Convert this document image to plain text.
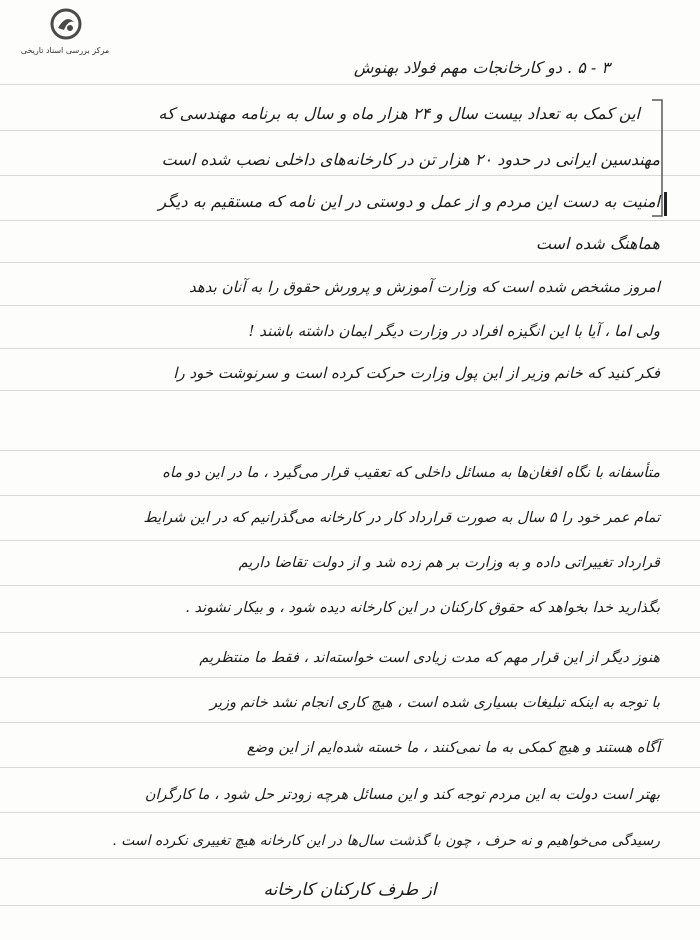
مرکز بررسی اسناد تاریخی
۳ - ۵ . دو کارخانجات مهم فولاد بهنوش
این کمک به تعداد بیست سال و ۲۴ هزار ماه و سال به برنامه مهندسی که
مهندسین ایرانی در حدود ۲۰ هزار تن در کارخانه‌های داخلی نصب شده است
امنیت به دست این مردم و از عمل و دوستی در این نامه که مستقیم به دیگر
هماهنگ شده است
امروز مشخص شده است که وزارت آموزش و پرورش حقوق را به آنان بدهد
ولی اما ، آیا با این انگیزه افراد در وزارت دیگر ایمان داشته باشند !
فکر کنید که خانم وزیر از این پول وزارت حرکت کرده است و سرنوشت خود را
متأسفانه با نگاه افغان‌ها به مسائل داخلی که تعقیب قرار می‌گیرد ، ما در این دو ماه
تمام عمر خود را ۵ سال به صورت قرارداد کار در کارخانه می‌گذرانیم که در این شرایط
قرارداد تغییراتی داده و به وزارت بر هم زده شد و از دولت تقاضا داریم
بگذارید خدا بخواهد که حقوق کارکنان در این کارخانه دیده شود ، و بیکار نشوند .
هنوز دیگر از این قرار مهم که مدت زیادی است خواسته‌اند ، فقط ما منتظریم
با توجه به اینکه تبلیغات بسیاری شده است ، هیچ کاری انجام نشد خانم وزیر
آگاه هستند و هیچ کمکی به ما نمی‌کنند ، ما خسته شده‌ایم از این وضع
بهتر است دولت به این مردم توجه کند و این مسائل هرچه زودتر حل شود ، ما کارگران
رسیدگی می‌خواهیم و نه حرف ، چون با گذشت سال‌ها در این کارخانه هیچ تغییری نکرده است .
از طرف کارکنان کارخانه
